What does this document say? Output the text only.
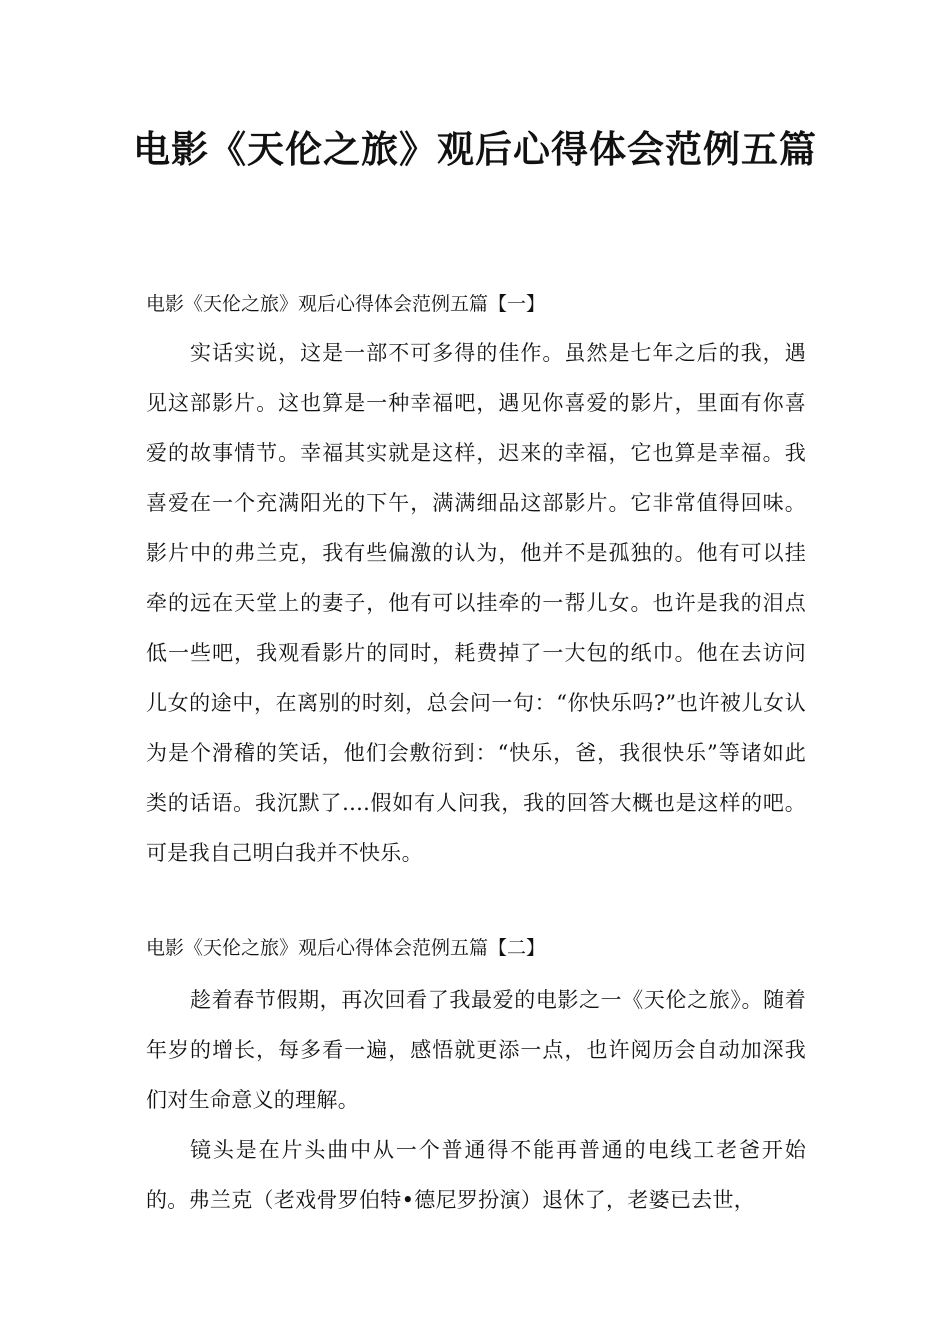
电影《天伦之旅》观后心得体会范例五篇
电影《天伦之旅》观后心得体会范例五篇【一】

实话实说，这是一部不可多得的佳作。虽然是七年之后的我，遇见这部影片。这也算是一种幸福吧，遇见你喜爱的影片，里面有你喜爱的故事情节。幸福其实就是这样，迟来的幸福，它也算是幸福。我喜爱在一个充满阳光的下午，满满细品这部影片。它非常值得回味。影片中的弗兰克，我有些偏激的认为，他并不是孤独的。他有可以挂牵的远在天堂上的妻子，他有可以挂牵的一帮儿女。也许是我的泪点低一些吧，我观看影片的同时，耗费掉了一大包的纸巾。他在去访问儿女的途中，在离别的时刻，总会问一句：“你快乐吗?”也许被儿女认为是个滑稽的笑话，他们会敷衍到：“快乐，爸，我很快乐”等诸如此类的话语。我沉默了....假如有人问我，我的回答大概也是这样的吧。可是我自己明白我并不快乐。

电影《天伦之旅》观后心得体会范例五篇【二】

趁着春节假期，再次回看了我最爱的电影之一《天伦之旅》。随着年岁的增长，每多看一遍，感悟就更添一点，也许阅历会自动加深我们对生命意义的理解。

镜头是在片头曲中从一个普通得不能再普通的电线工老爸开始的。弗兰克（老戏骨罗伯特•德尼罗扮演）退休了，老婆已去世，
